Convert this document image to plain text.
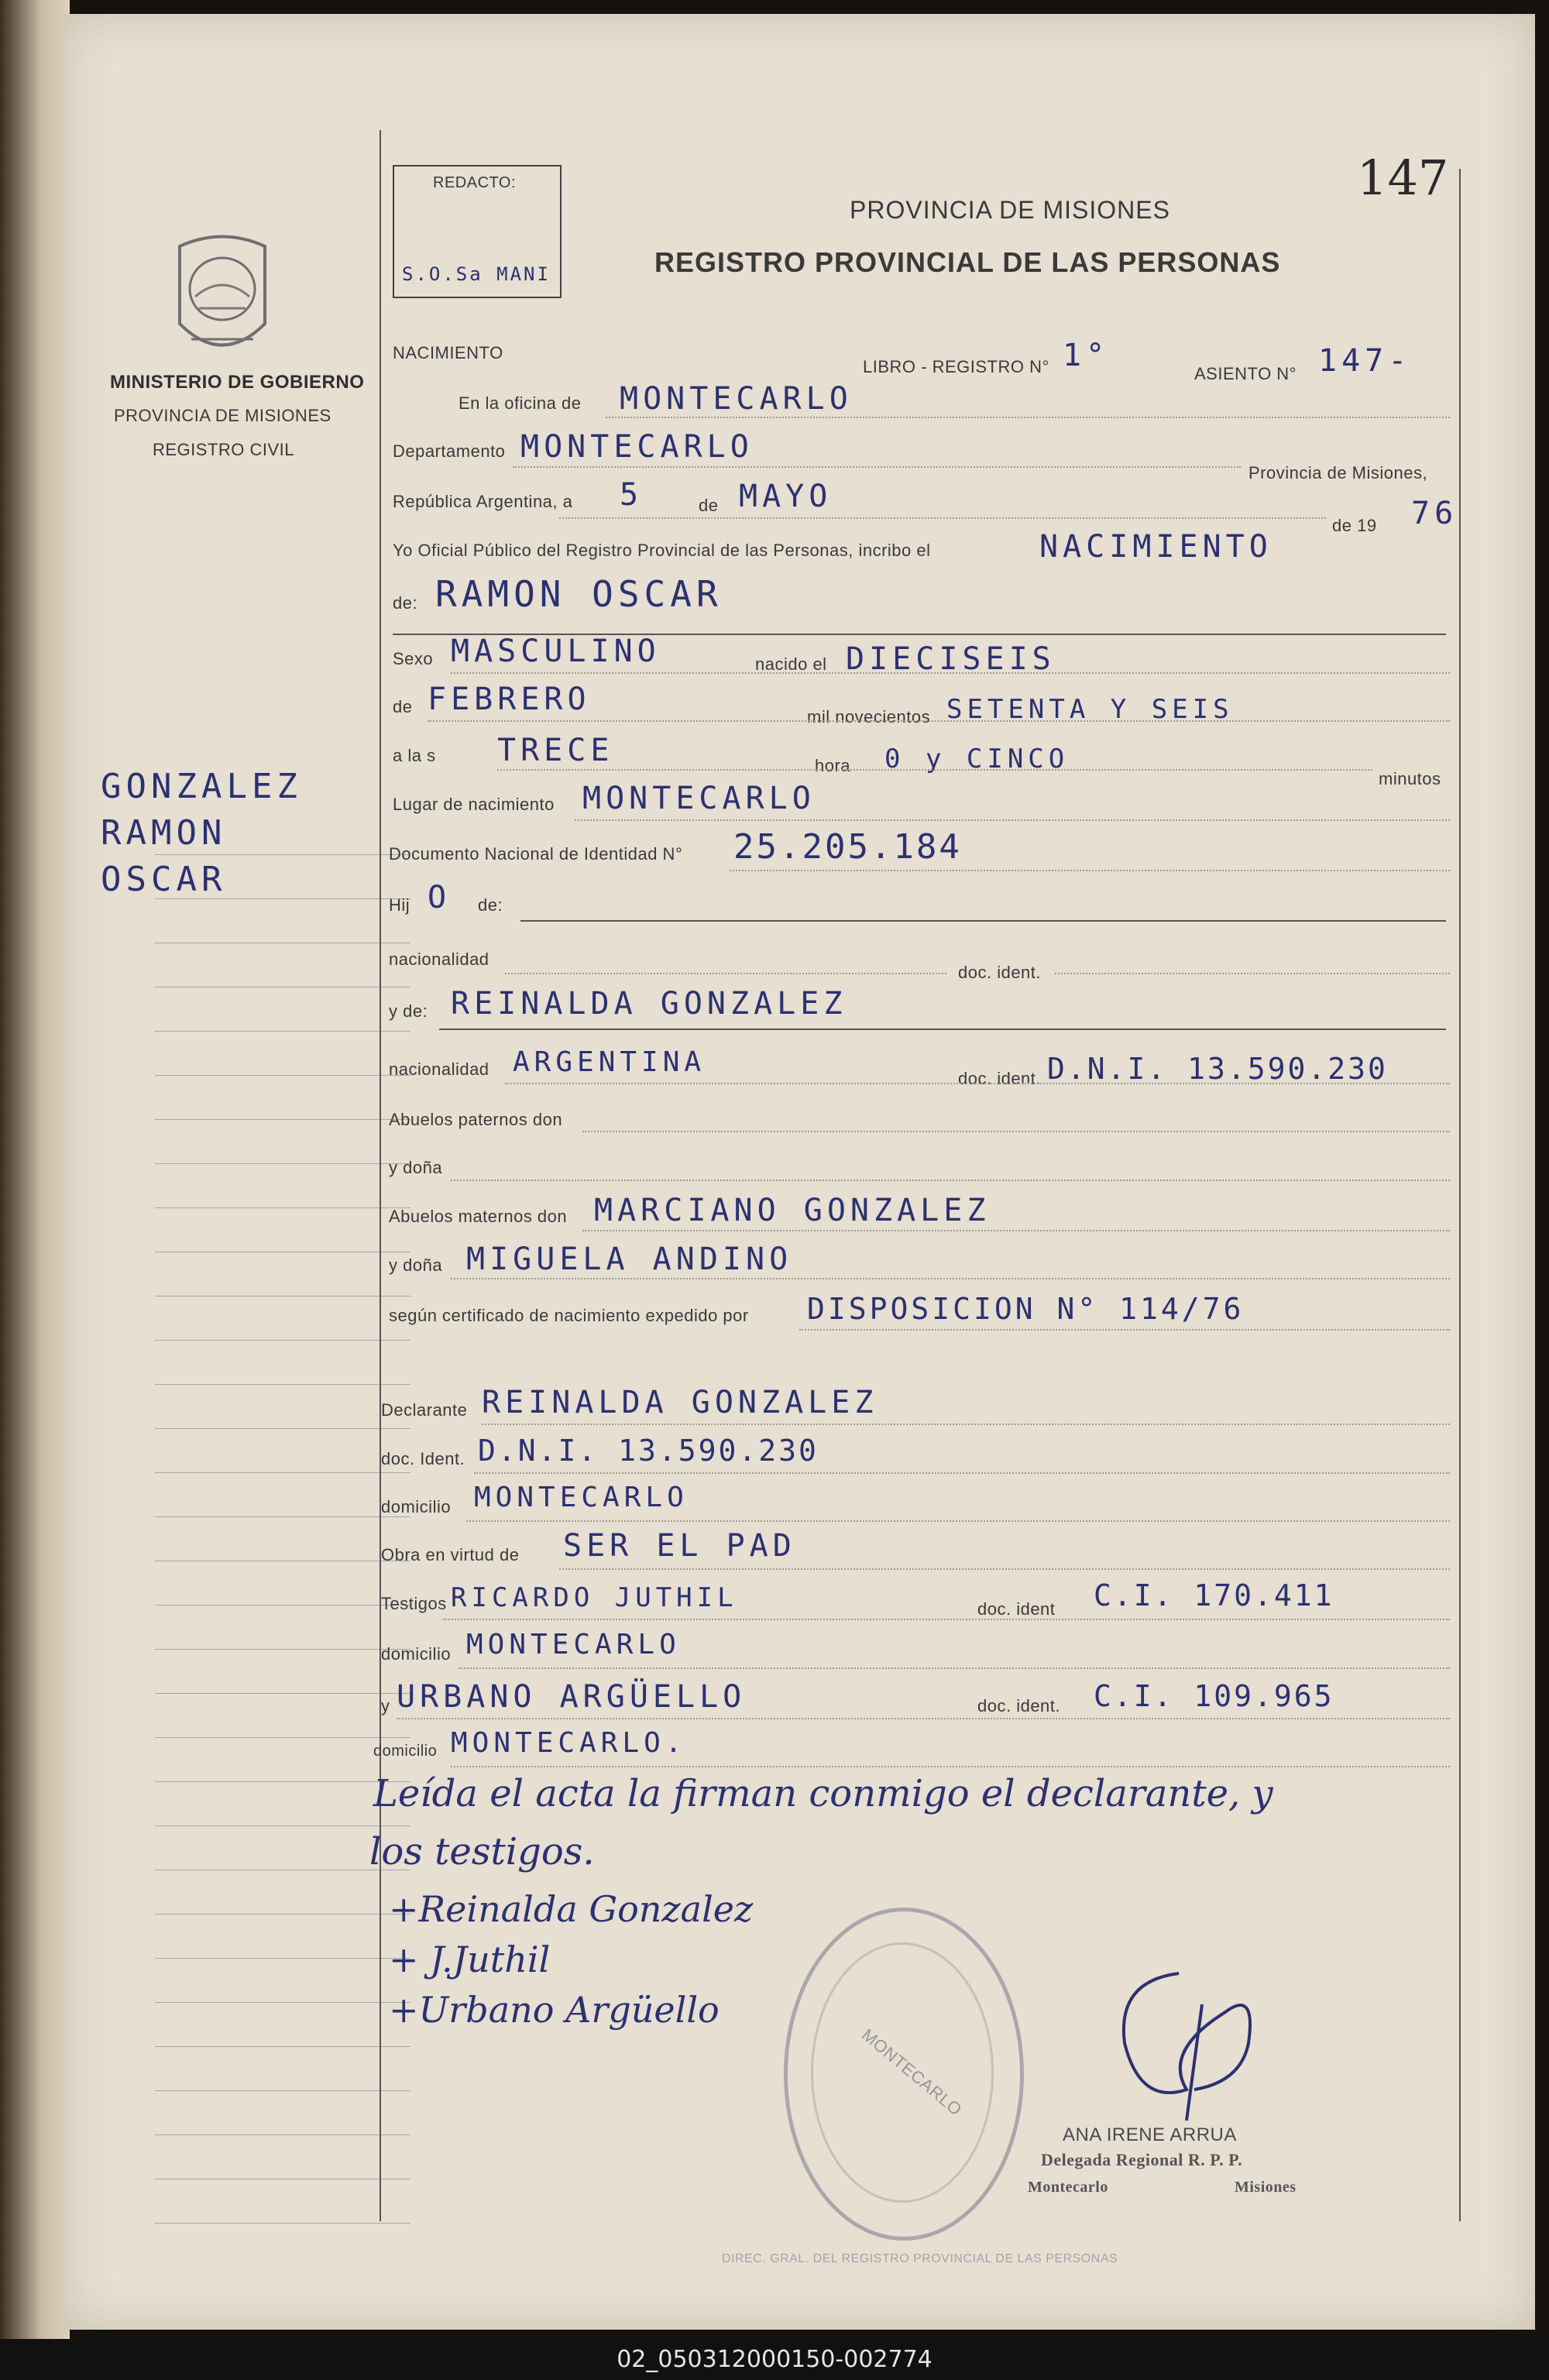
MINISTERIO DE GOBIERNO
PROVINCIA DE MISIONES
REGISTRO CIVIL
GONZALEZ
RAMON
OSCAR
REDACTO:
S.O.Sa MANI
147
PROVINCIA DE MISIONES
REGISTRO PROVINCIAL DE LAS PERSONAS
NACIMIENTO
LIBRO - REGISTRO N° 1°
ASIENTO N° 147-
En la oficina de MONTECARLO
Departamento MONTECARLO
Provincia de Misiones,
República Argentina, a 5	de MAYO
de 19 76
Yo Oficial Público del Registro Provincial de las Personas, incribo el	NACIMIENTO
de: RAMON OSCAR
Sexo MASCULINO	nacido el DIECISEIS
de FEBRERO	mil novecientos SETENTA Y SEIS
a la s TRECE	hora 0 y CINCO
minutos
Lugar de nacimiento MONTECARLO
Documento Nacional de Identidad N° 25.205.184
Hij O de:
nacionalidad
doc. ident.
y de: REINALDA GONZALEZ
nacionalidad ARGENTINA
doc. ident. D.N.I. 13.590.230
Abuelos paternos don
y doña
Abuelos maternos don MARCIANO GONZALEZ
y doña MIGUELA ANDINO
según certificado de nacimiento expedido por DISPOSICION N° 114/76
Declarante REINALDA GONZALEZ
doc. Ident. D.N.I. 13.590.230
domicilio MONTECARLO
Obra en virtud de SER EL PAD
Testigos RICARDO JUTHIL	doc. ident C.I. 170.411
domicilio MONTECARLO
y URBANO ARGÜELLO	doc. ident. C.I. 109.965
domicilio MONTECARLO.
Leída el acta la firman conmigo el declarante, y
los testigos.
+Reinalda Gonzalez
+ J.Juthil
+Urbano Argüello
MONTECARLO
DIREC. GRAL. DEL REGISTRO PROVINCIAL DE LAS PERSONAS
ANA IRENE ARRUA
Delegada Regional R. P. P.
Montecarlo	Misiones
02_050312000150-002774
